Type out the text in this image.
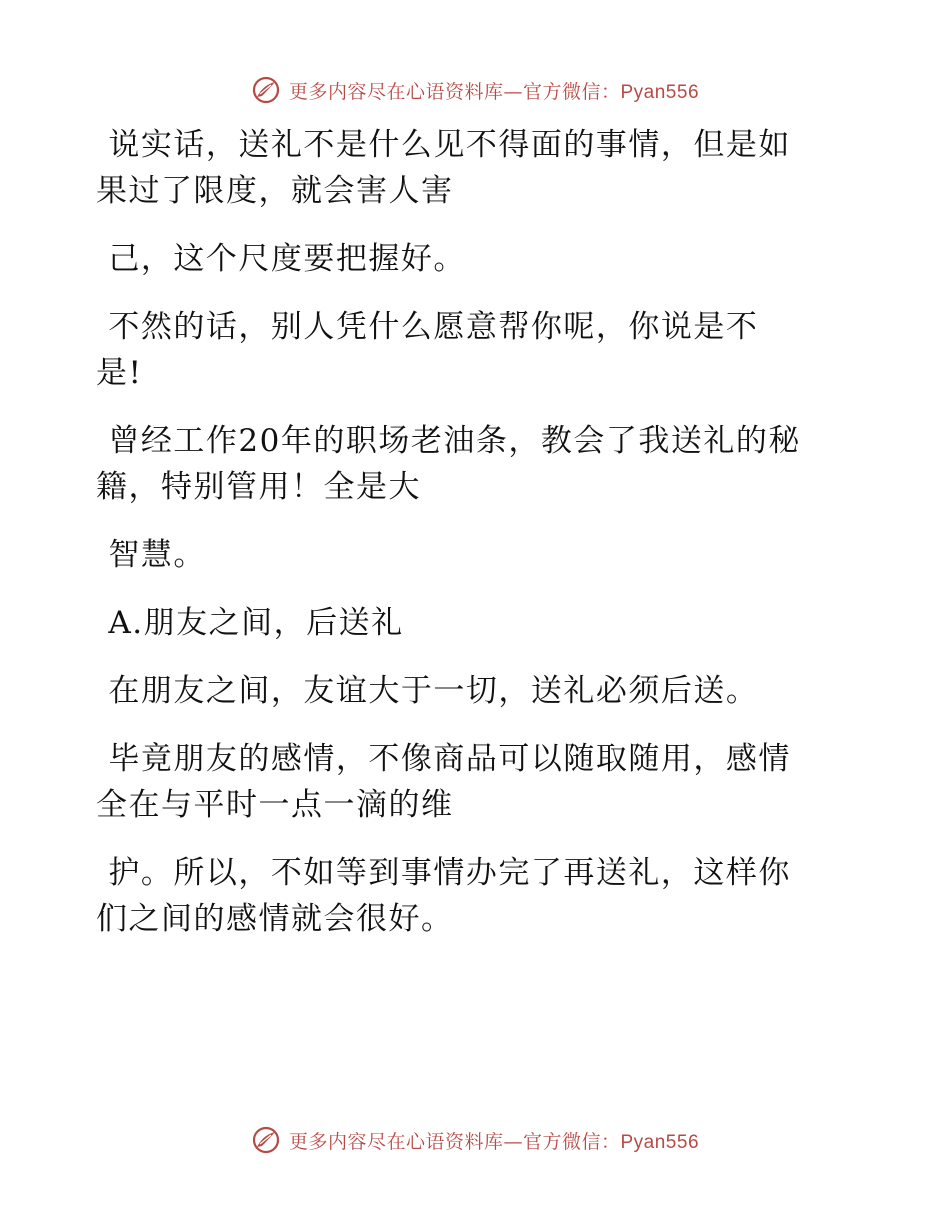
更多内容尽在心语资料库—官方微信：Pyan556
说实话，送礼不是什么见不得面的事情，但是如
果过了限度，就会害人害
己，这个尺度要把握好。
不然的话，别人凭什么愿意帮你呢，你说是不
是!
曾经工作20年的职场老油条，教会了我送礼的秘
籍，特别管用！全是大
智慧。
A.朋友之间，后送礼
在朋友之间，友谊大于一切，送礼必须后送。
毕竟朋友的感情，不像商品可以随取随用，感情
全在与平时一点一滴的维
护。所以，不如等到事情办完了再送礼，这样你
们之间的感情就会很好。
更多内容尽在心语资料库—官方微信：Pyan556
